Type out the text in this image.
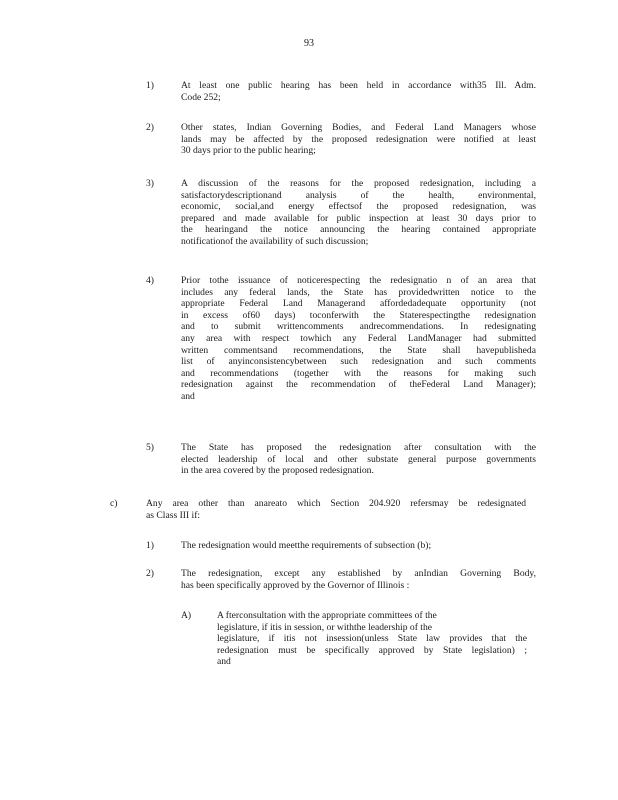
93
1)	At least one public hearing has been held in accordance with35 Ill. Adm.
Code 252;
2)	Other states, Indian Governing Bodies, and Federal Land Managers whose
lands may be affected by the proposed redesignation were notified at least
30 days prior to the public hearing;
3)	A discussion of the reasons for the proposed redesignation, including a
satisfactorydescriptionand analysis of the health, environmental,
economic, social,and energy effectsof the proposed redesignation, was
prepared and made available for public inspection at least 30 days prior to
the hearingand the notice announcing the hearing contained appropriate
notificationof the availability of such discussion;
4)	Prior tothe issuance of noticerespecting the redesignatio n of an area that
includes any federal lands, the State has providedwritten notice to the
appropriate Federal Land Managerand affordedadequate opportunity (not
in excess of60 days) toconferwith the Staterespectingthe redesignation
and to submit writtencomments andrecommendations. In redesignating
any area with respect towhich any Federal LandManager had submitted
written commentsand recommendations, the State shall havepublisheda
list of anyinconsistencybetween such redesignation and such comments
and recommendations (together with the reasons for making such
redesignation against the recommendation of theFederal Land Manager);
and
5)	The State has proposed the redesignation after consultation with the
elected leadership of local and other substate general purpose governments
in the area covered by the proposed redesignation.
c)	Any area other than anareato which Section 204.920 refersmay be redesignated
as Class III if:
1)	The redesignation would meetthe requirements of subsection (b);
2)	The redesignation, except any established by anIndian Governing Body,
has been specifically approved by the Governor of Illinois :
A)	A fterconsultation with the appropriate committees of the
legislature, if itis in session, or withthe leadership of the
legislature, if itis not insession(unless State law provides that the
redesignation must be specifically approved by State legislation) ;
and
